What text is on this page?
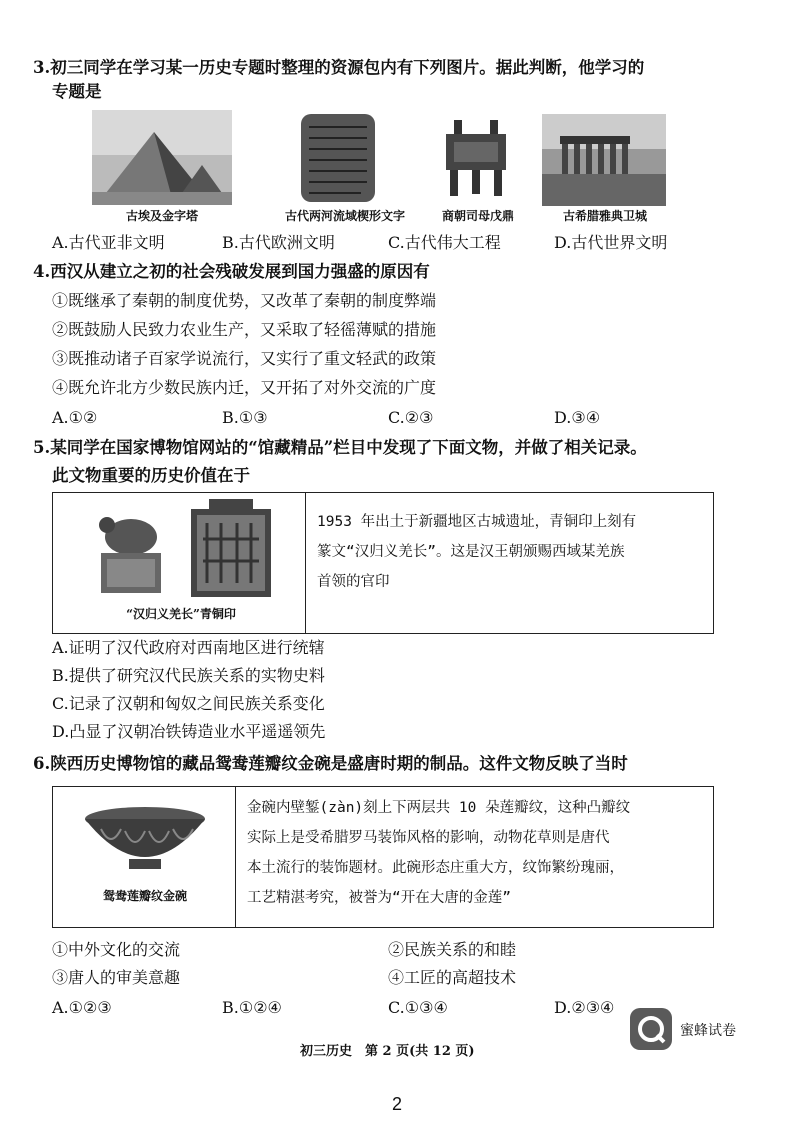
3.初三同学在学习某一历史专题时整理的资源包内有下列图片。据此判断，他学习的
专题是
古埃及金字塔	古代两河流域楔形文字	商朝司母戊鼎	古希腊雅典卫城
A.古代亚非文明	B.古代欧洲文明	C.古代伟大工程	D.古代世界文明
4.西汉从建立之初的社会残破发展到国力强盛的原因有
①既继承了秦朝的制度优势，又改革了秦朝的制度弊端
②既鼓励人民致力农业生产，又采取了轻徭薄赋的措施
③既推动诸子百家学说流行，又实行了重文轻武的政策
④既允许北方少数民族内迁，又开拓了对外交流的广度
A.①②	B.①③	C.②③	D.③④
5.某同学在国家博物馆网站的“馆藏精品”栏目中发现了下面文物，并做了相关记录。
此文物重要的历史价值在于
“汉归义羌长”青铜印
1953 年出土于新疆地区古城遗址，青铜印上刻有
篆文“汉归义羌长”。这是汉王朝颁赐西域某羌族
首领的官印
A.证明了汉代政府对西南地区进行统辖
B.提供了研究汉代民族关系的实物史料
C.记录了汉朝和匈奴之间民族关系变化
D.凸显了汉朝冶铁铸造业水平遥遥领先
6.陕西历史博物馆的藏品鸳鸯莲瓣纹金碗是盛唐时期的制品。这件文物反映了当时
鸳鸯莲瓣纹金碗
金碗内壁錾(zàn)刻上下两层共 10 朵莲瓣纹，这种凸瓣纹
实际上是受希腊罗马装饰风格的影响，动物花草则是唐代
本土流行的装饰题材。此碗形态庄重大方，纹饰繁纷瑰丽，
工艺精湛考究，被誉为“开在大唐的金莲”
①中外文化的交流	②民族关系的和睦
③唐人的审美意趣	④工匠的高超技术
A.①②③	B.①②④	C.①③④	D.②③④
蜜蜂试卷
初三历史　第 2 页(共 12 页)
2
